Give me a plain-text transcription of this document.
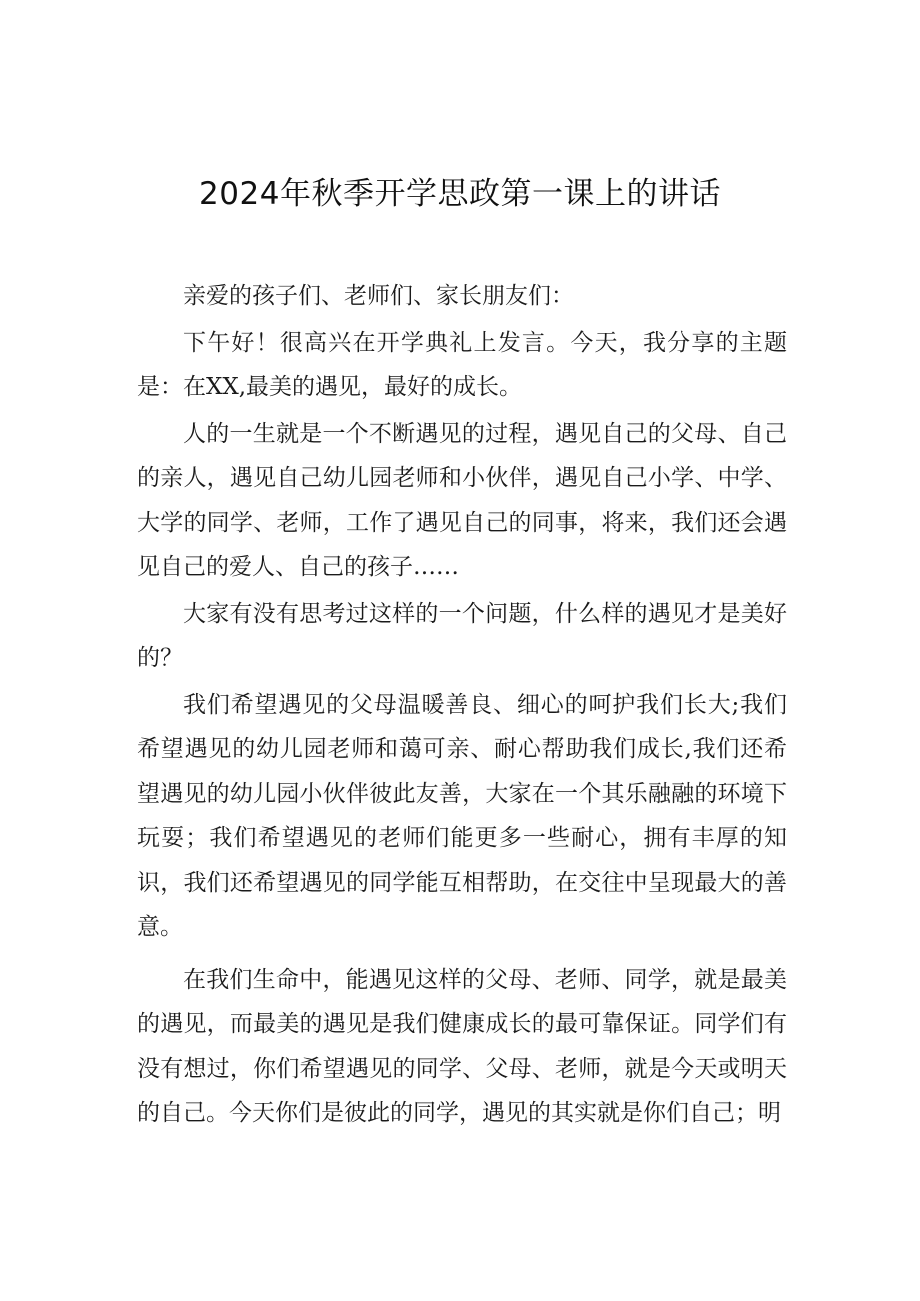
2024年秋季开学思政第一课上的讲话

亲爱的孩子们、老师们、家长朋友们：

下午好！很高兴在开学典礼上发言。今天，我分享的主题是：在XX,最美的遇见，最好的成长。

人的一生就是一个不断遇见的过程，遇见自己的父母、自己的亲人，遇见自己幼儿园老师和小伙伴，遇见自己小学、中学、大学的同学、老师，工作了遇见自己的同事，将来，我们还会遇见自己的爱人、自己的孩子……

大家有没有思考过这样的一个问题，什么样的遇见才是美好的？

我们希望遇见的父母温暖善良、细心的呵护我们长大;我们希望遇见的幼儿园老师和蔼可亲、耐心帮助我们成长,我们还希望遇见的幼儿园小伙伴彼此友善，大家在一个其乐融融的环境下玩耍；我们希望遇见的老师们能更多一些耐心，拥有丰厚的知识，我们还希望遇见的同学能互相帮助，在交往中呈现最大的善意。

在我们生命中，能遇见这样的父母、老师、同学，就是最美的遇见，而最美的遇见是我们健康成长的最可靠保证。同学们有没有想过，你们希望遇见的同学、父母、老师，就是今天或明天的自己。今天你们是彼此的同学，遇见的其实就是你们自己；明
